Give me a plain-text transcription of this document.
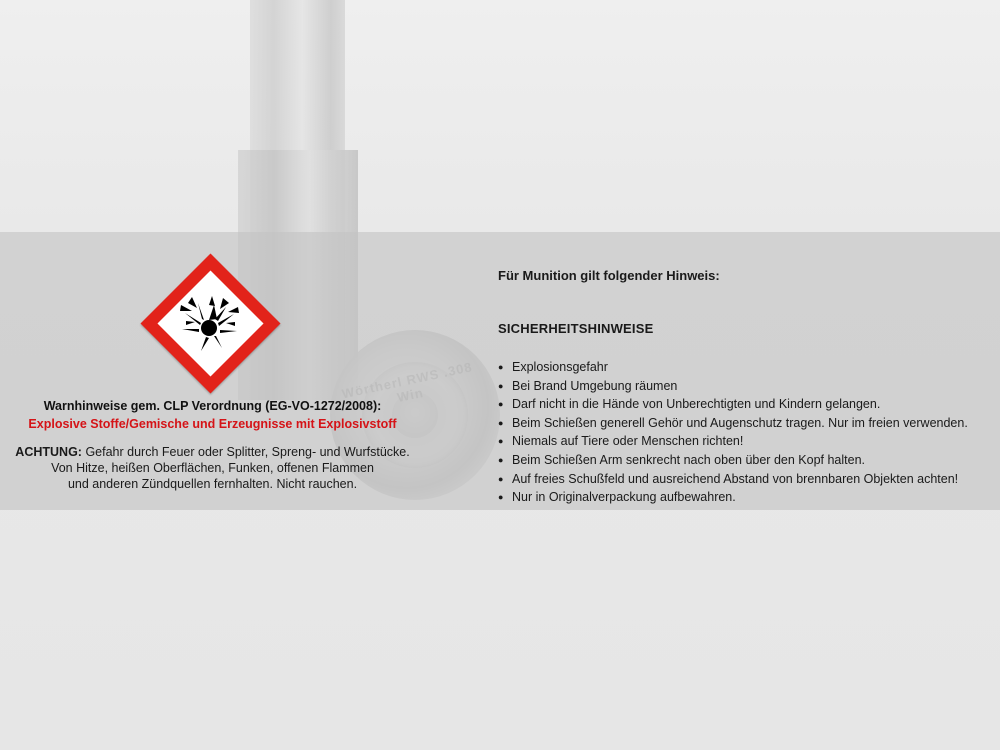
Warnhinweise gem. CLP Verordnung (EG-VO-1272/2008):
Explosive Stoffe/Gemische und Erzeugnisse mit Explosivstoff
ACHTUNG: Gefahr durch Feuer oder Splitter, Spreng- und Wurfstücke.
Von Hitze, heißen Oberflächen, Funken, offenen Flammen
und anderen Zündquellen fernhalten. Nicht rauchen.
Für Munition gilt folgender Hinweis:
SICHERHEITSHINWEISE
● Explosionsgefahr
● Bei Brand Umgebung räumen
● Darf nicht in die Hände von Unberechtigten und Kindern gelangen.
● Beim Schießen generell Gehör und Augenschutz tragen. Nur im freien verwenden.
● Niemals auf Tiere oder Menschen richten!
● Beim Schießen Arm senkrecht nach oben über den Kopf halten.
● Auf freies Schußfeld und ausreichend Abstand von brennbaren Objekten achten!
● Nur in Originalverpackung aufbewahren.
